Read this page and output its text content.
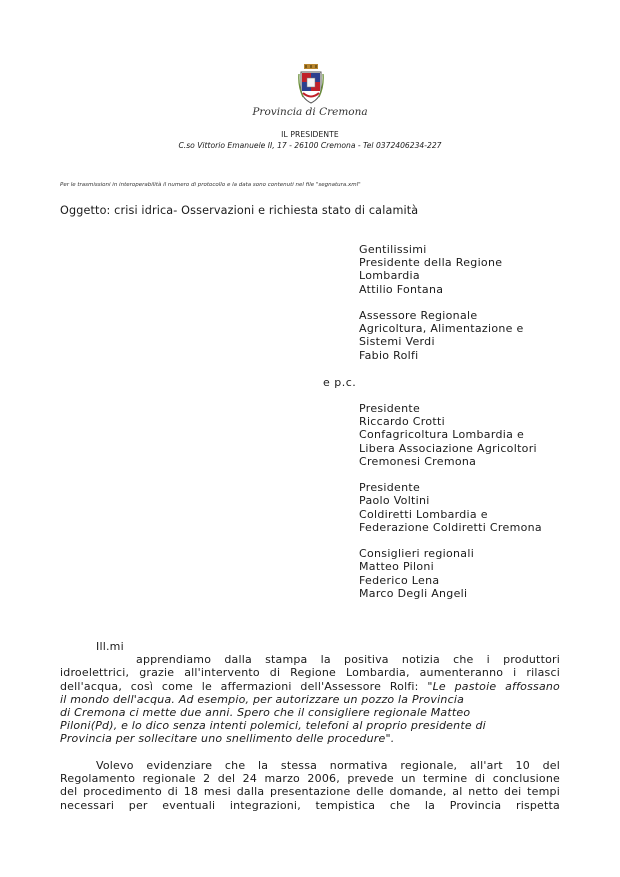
Provincia di Cremona
IL PRESIDENTE
C.so Vittorio Emanuele II, 17 - 26100 Cremona - Tel 0372406234-227
Per le trasmissioni in interoperabilità il numero di protocollo e la data sono contenuti nel file "segnatura.xml"
Oggetto: crisi idrica- Osservazioni e richiesta stato di calamità
Gentilissimi
Presidente della Regione
Lombardia
Attilio Fontana
Assessore Regionale
Agricoltura, Alimentazione e
Sistemi Verdi
Fabio Rolfi
e p.c.
Presidente
Riccardo Crotti
Confagricoltura Lombardia e
Libera Associazione Agricoltori
Cremonesi Cremona
Presidente
Paolo Voltini
Coldiretti Lombardia e
Federazione Coldiretti Cremona
Consiglieri regionali
Matteo Piloni
Federico Lena
Marco Degli Angeli
Ill.mi
apprendiamo dalla stampa la positiva notizia che i produttori
idroelettrici, grazie all'intervento di Regione Lombardia, aumenteranno i rilasci
dell'acqua, così come le affermazioni dell'Assessore Rolfi: "Le pastoie affossano
il mondo dell'acqua. Ad esempio, per autorizzare un pozzo la Provincia
di Cremona ci mette due anni. Spero che il consigliere regionale Matteo
Piloni(Pd), e lo dico senza intenti polemici, telefoni al proprio presidente di
Provincia per sollecitare uno snellimento delle procedure".
Volevo evidenziare che la stessa normativa regionale, all'art 10 del
Regolamento regionale 2 del 24 marzo 2006, prevede un termine di conclusione
del procedimento di 18 mesi dalla presentazione delle domande, al netto dei tempi
necessari per eventuali integrazioni, tempistica che la Provincia rispetta
